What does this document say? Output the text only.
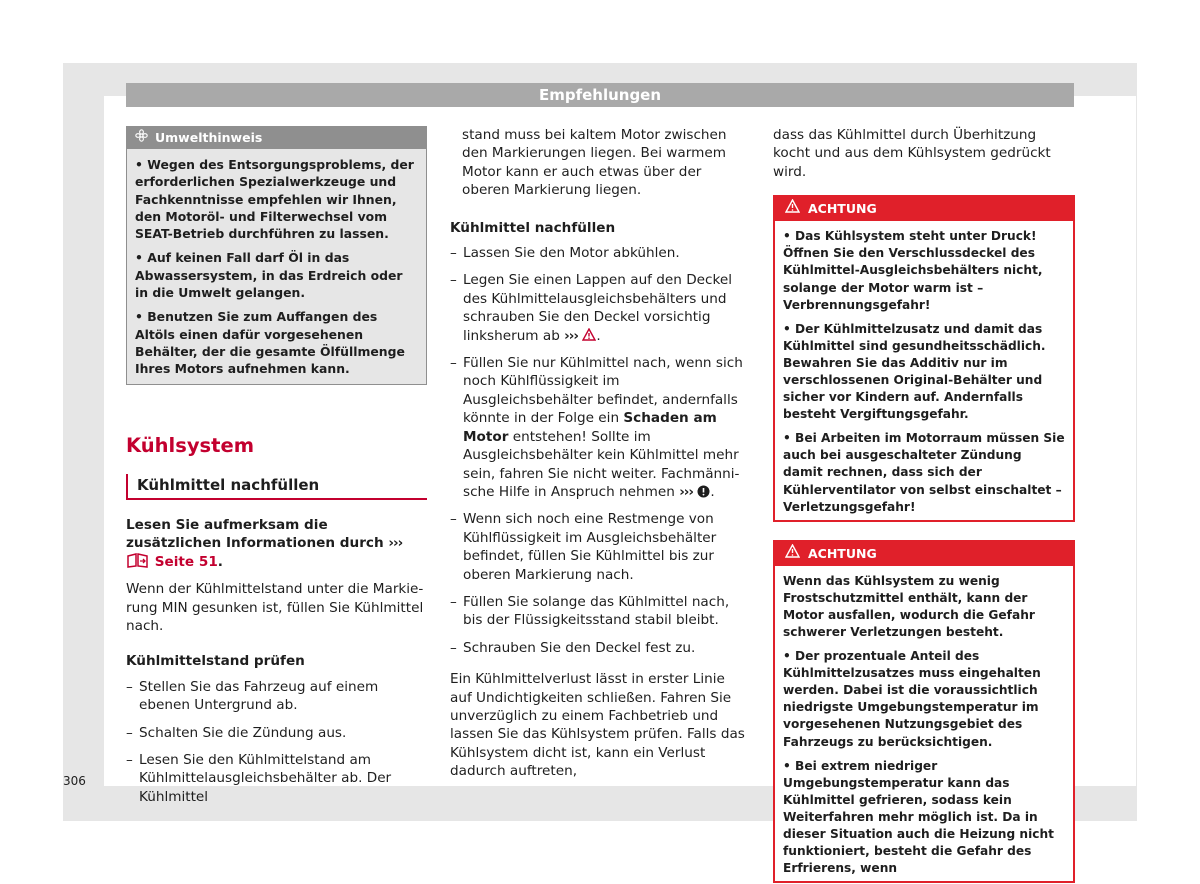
Empfehlungen
Umwelthinweis

• Wegen des Entsorgungsproblems, der erforderlichen Spezialwerkzeuge und Fachkenntnisse empfehlen wir Ihnen, den Motoröl- und Filterwechsel vom SEAT-Betrieb durchführen zu lassen.

• Auf keinen Fall darf Öl in das Abwassersystem, in das Erdreich oder in die Umwelt gelangen.

• Benutzen Sie zum Auffangen des Altöls einen dafür vorgesehenen Behälter, der die gesamte Ölfüllmenge Ihres Motors aufnehmen kann.

Kühlsystem
Kühlmittel nachfüllen

Lesen Sie aufmerksam die zusätzlichen Informationen durch ›››  Seite 51.

Wenn der Kühlmittelstand unter die Markierung MIN gesunken ist, füllen Sie Kühlmittel nach.

Kühlmittelstand prüfen

– Stellen Sie das Fahrzeug auf einem ebenen Untergrund ab.

– Schalten Sie die Zündung aus.

– Lesen Sie den Kühlmittelstand am Kühlmittelausgleichsbehälter ab. Der Kühlmittel

stand muss bei kaltem Motor zwischen den Markierungen liegen. Bei warmem Motor kann er auch etwas über der oberen Markierung liegen.

Kühlmittel nachfüllen

– Lassen Sie den Motor abkühlen.

– Legen Sie einen Lappen auf den Deckel des Kühlmittelausgleichsbehälters und schrauben Sie den Deckel vorsichtig linksherum ab ››› .

– Füllen Sie nur Kühlmittel nach, wenn sich noch Kühlflüssigkeit im Ausgleichsbehälter befindet, andernfalls könnte in der Folge ein Schaden am Motor entstehen! Sollte im Ausgleichsbehälter kein Kühlmittel mehr sein, fahren Sie nicht weiter. Fachmännische Hilfe in Anspruch nehmen ››› .

– Wenn sich noch eine Restmenge von Kühlflüssigkeit im Ausgleichsbehälter befindet, füllen Sie Kühlmittel bis zur oberen Markierung nach.

– Füllen Sie solange das Kühlmittel nach, bis der Flüssigkeitsstand stabil bleibt.

– Schrauben Sie den Deckel fest zu.

Ein Kühlmittelverlust lässt in erster Linie auf Undichtigkeiten schließen. Fahren Sie unverzüglich zu einem Fachbetrieb und lassen Sie das Kühlsystem prüfen. Falls das Kühlsystem dicht ist, kann ein Verlust dadurch auftreten,

dass das Kühlmittel durch Überhitzung kocht und aus dem Kühlsystem gedrückt wird.

ACHTUNG

• Das Kühlsystem steht unter Druck! Öffnen Sie den Verschlussdeckel des Kühlmittel-Ausgleichsbehälters nicht, solange der Motor warm ist – Verbrennungsgefahr!

• Der Kühlmittelzusatz und damit das Kühlmittel sind gesundheitsschädlich. Bewahren Sie das Additiv nur im verschlossenen Original-Behälter und sicher vor Kindern auf. Andernfalls besteht Vergiftungsgefahr.

• Bei Arbeiten im Motorraum müssen Sie auch bei ausgeschalteter Zündung damit rechnen, dass sich der Kühlerventilator von selbst einschaltet – Verletzungsgefahr!

ACHTUNG

Wenn das Kühlsystem zu wenig Frostschutzmittel enthält, kann der Motor ausfallen, wodurch die Gefahr schwerer Verletzungen besteht.

• Der prozentuale Anteil des Kühlmittelzusatzes muss eingehalten werden. Dabei ist die voraussichtlich niedrigste Umgebungstemperatur im vorgesehenen Nutzungsgebiet des Fahrzeugs zu berücksichtigen.

• Bei extrem niedriger Umgebungstemperatur kann das Kühlmittel gefrieren, sodass kein Weiterfahren mehr möglich ist. Da in dieser Situation auch die Heizung nicht funktioniert, besteht die Gefahr des Erfrierens, wenn

306
